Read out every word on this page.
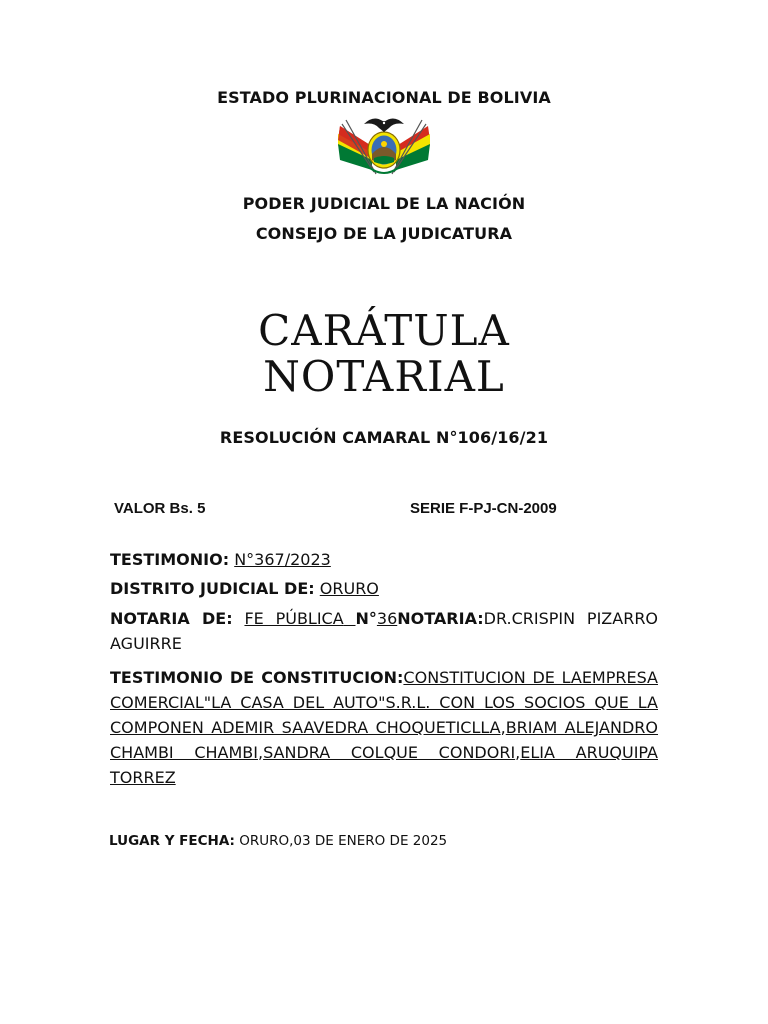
ESTADO PLURINACIONAL DE BOLIVIA
PODER JUDICIAL DE LA NACIÓN
CONSEJO DE LA JUDICATURA
CARÁTULA
NOTARIAL
RESOLUCIÓN CAMARAL N°106/16/21
VALOR Bs. 5	SERIE F-PJ-CN-2009
TESTIMONIO: N°367/2023
DISTRITO JUDICIAL DE: ORURO
NOTARIA DE: FE PÚBLICA N°36NOTARIA:DR.CRISPIN PIZARRO AGUIRRE
TESTIMONIO DE CONSTITUCION:CONSTITUCION DE LAEMPRESA COMERCIAL"LA CASA DEL AUTO"S.R.L. CON LOS SOCIOS QUE LA COMPONEN ADEMIR SAAVEDRA CHOQUETICLLA,BRIAM ALEJANDRO CHAMBI CHAMBI,SANDRA COLQUE CONDORI,ELIA ARUQUIPA TORREZ
LUGAR Y FECHA: ORURO,03 DE ENERO DE 2025
